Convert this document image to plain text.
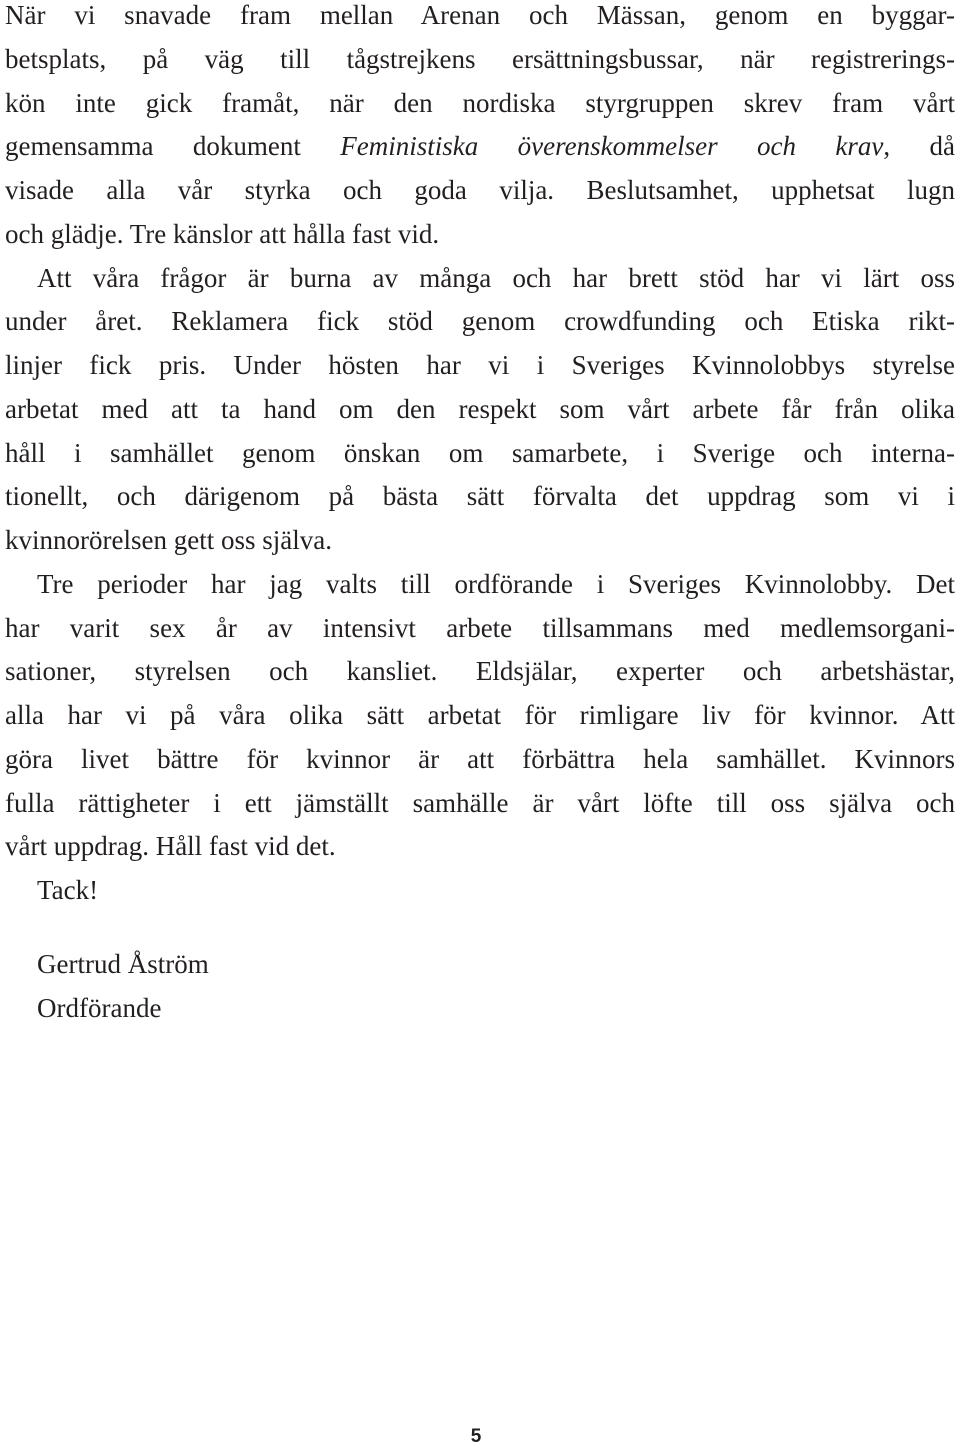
När vi snavade fram mellan Arenan och Mässan, genom en byggar-
betsplats, på väg till tågstrejkens ersättningsbussar, när registrerings-
kön inte gick framåt, när den nordiska styrgruppen skrev fram vårt
gemensamma dokument Feministiska överenskommelser och krav, då
visade alla vår styrka och goda vilja. Beslutsamhet, upphetsat lugn
och glädje. Tre känslor att hålla fast vid.
Att våra frågor är burna av många och har brett stöd har vi lärt oss
under året. Reklamera fick stöd genom crowdfunding och Etiska rikt-
linjer fick pris. Under hösten har vi i Sveriges Kvinnolobbys styrelse
arbetat med att ta hand om den respekt som vårt arbete får från olika
håll i samhället genom önskan om samarbete, i Sverige och interna-
tionellt, och därigenom på bästa sätt förvalta det uppdrag som vi i
kvinnorörelsen gett oss själva.
Tre perioder har jag valts till ordförande i Sveriges Kvinnolobby. Det
har varit sex år av intensivt arbete tillsammans med medlemsorgani-
sationer, styrelsen och kansliet. Eldsjälar, experter och arbetshästar,
alla har vi på våra olika sätt arbetat för rimligare liv för kvinnor. Att
göra livet bättre för kvinnor är att förbättra hela samhället. Kvinnors
fulla rättigheter i ett jämställt samhälle är vårt löfte till oss själva och
vårt uppdrag. Håll fast vid det.
Tack!
Gertrud Åström
Ordförande
5
